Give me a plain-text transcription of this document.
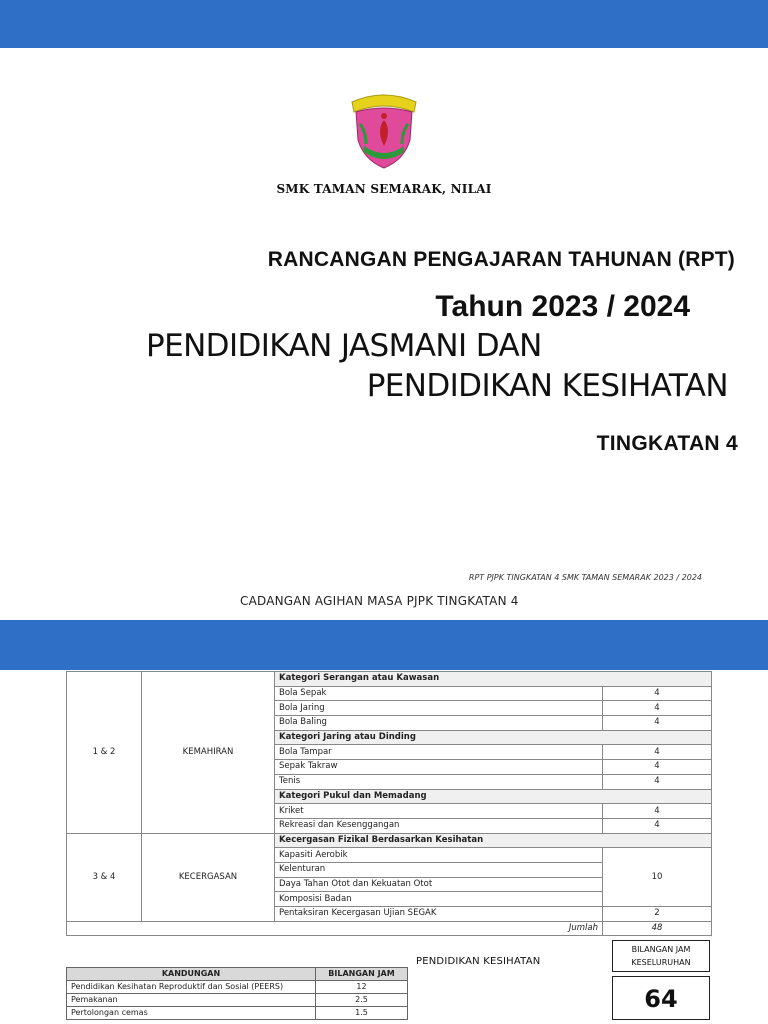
SMK TAMAN SEMARAK, NILAI
RANCANGAN PENGAJARAN TAHUNAN (RPT)
Tahun 2023 / 2024
PENDIDIKAN JASMANI DAN
PENDIDIKAN KESIHATAN
TINGKATAN 4
RPT PJPK TINGKATAN 4 SMK TAMAN SEMARAK 2023 / 2024
CADANGAN AGIHAN MASA PJPK TINGKATAN 4
1 & 2	KEMAHIRAN	Kategori Serangan atau Kawasan	
		Bola Sepak	4
		Bola Jaring	4
		Bola Baling	4
		Kategori Jaring atau Dinding	
		Bola Tampar	4
		Sepak Takraw	4
		Tenis	4
		Kategori Pukul dan Memadang	
		Kriket	4
		Rekreasi dan Kesenggangan	4
3 & 4	KECERGASAN	Kecergasan Fizikal Berdasarkan Kesihatan	
		Kapasiti Aerobik	10
		Kelenturan	
		Daya Tahan Otot dan Kekuatan Otot	
		Komposisi Badan	
		Pentaksiran Kecergasan Ujian SEGAK	2
Jumlah			48
PENDIDIKAN KESIHATAN
BILANGAN JAM KESELURUHAN
64
KANDUNGAN	BILANGAN JAM
Pendidikan Kesihatan Reproduktif dan Sosial (PEERS)	12
Pemakanan	2.5
Pertolongan cemas	1.5
